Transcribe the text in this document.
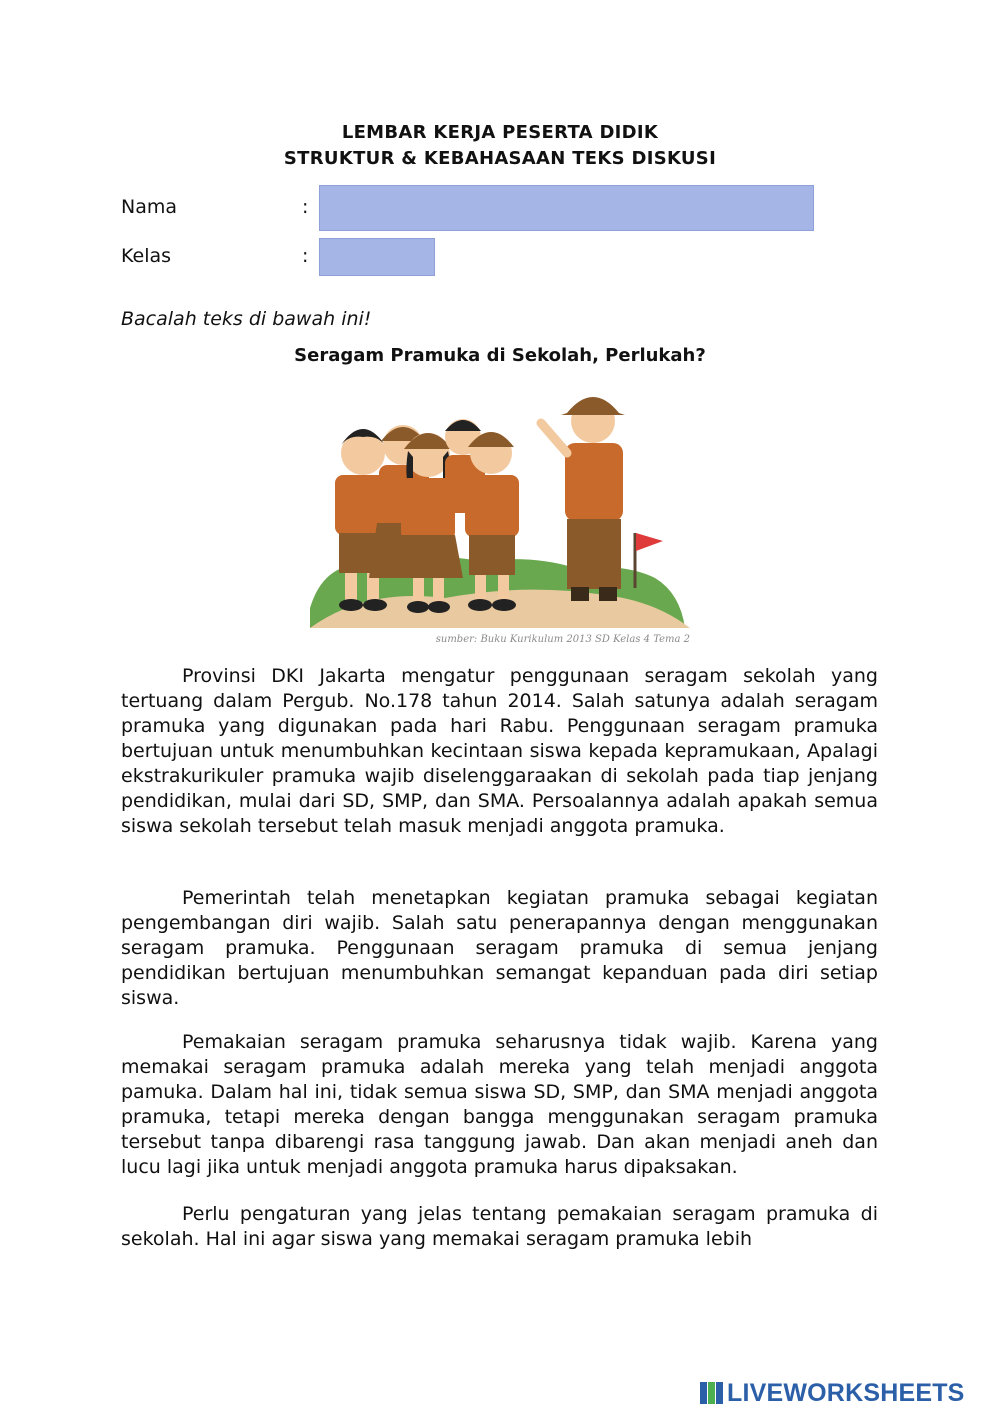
LEMBAR KERJA PESERTA DIDIK
STRUKTUR & KEBAHASAAN TEKS DISKUSI
Nama	:
Kelas	:
Bacalah teks di bawah ini!
Seragam Pramuka di Sekolah, Perlukah?
sumber: Buku Kurikulum 2013 SD Kelas 4 Tema 2

Provinsi DKI Jakarta mengatur penggunaan seragam sekolah yang tertuang dalam Pergub. No.178 tahun 2014. Salah satunya adalah seragam pramuka yang digunakan pada hari Rabu. Penggunaan seragam pramuka bertujuan untuk menumbuhkan kecintaan siswa kepada kepramukaan, Apalagi ekstrakurikuler pramuka wajib diselenggaraakan di sekolah pada tiap jenjang pendidikan, mulai dari SD, SMP, dan SMA. Persoalannya adalah apakah semua siswa sekolah tersebut telah masuk menjadi anggota pramuka.

Pemerintah telah menetapkan kegiatan pramuka sebagai kegiatan pengembangan diri wajib. Salah satu penerapannya dengan menggunakan seragam pramuka. Penggunaan seragam pramuka di semua jenjang pendidikan bertujuan menumbuhkan semangat kepanduan pada diri setiap siswa.

Pemakaian seragam pramuka seharusnya tidak wajib. Karena yang memakai seragam pramuka adalah mereka yang telah menjadi anggota pamuka. Dalam hal ini, tidak semua siswa SD, SMP, dan SMA menjadi anggota pramuka, tetapi mereka dengan bangga menggunakan seragam pramuka tersebut tanpa dibarengi rasa tanggung jawab. Dan akan menjadi aneh dan lucu lagi jika untuk menjadi anggota pramuka harus dipaksakan.

Perlu pengaturan yang jelas tentang pemakaian seragam pramuka di sekolah. Hal ini agar siswa yang memakai seragam pramuka lebih

LIVEWORKSHEETS
